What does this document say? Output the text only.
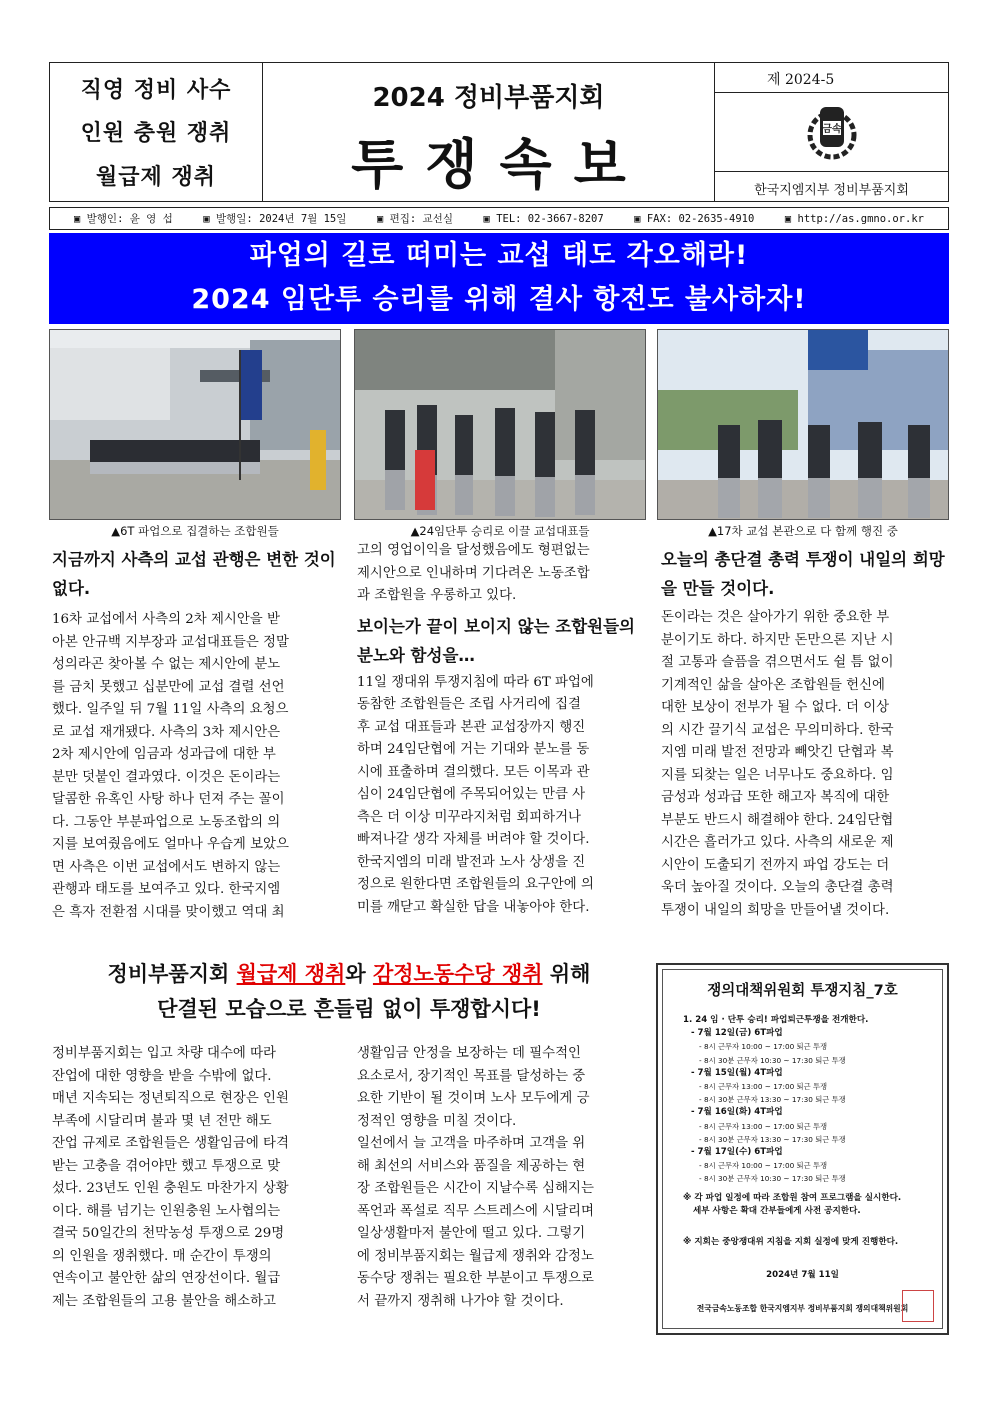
직영 정비 사수
인원 충원 쟁취
월급제 쟁취
2024 정비부품지회
투쟁속보
제 2024-5
금속
한국지엠지부 정비부품지회
▣ 발행인: 윤 영 섭	▣ 발행일: 2024년 7월 15일	▣ 편집: 교선실	▣ TEL: 02-3667-8207	▣ FAX: 02-2635-4910	▣ http://as.gmno.or.kr
파업의 길로 떠미는 교섭 태도 각오해라!
2024 임단투 승리를 위해 결사 항전도 불사하자!
▲6T 파업으로 집결하는 조합원들	▲24임단투 승리로 이끌 교섭대표들	▲17차 교섭 본관으로 다 함께 행진 중
지금까지 사측의 교섭 관행은 변한 것이 없다.
16차 교섭에서 사측의 2차 제시안을 받
아본 안규백 지부장과 교섭대표들은 정말
성의라곤 찾아볼 수 없는 제시안에 분노
를 금치 못했고 십분만에 교섭 결렬 선언
했다. 일주일 뒤 7월 11일 사측의 요청으
로 교섭 재개됐다. 사측의 3차 제시안은
2차 제시안에 임금과 성과급에 대한 부
분만 덧붙인 결과였다. 이것은 돈이라는
달콤한 유혹인 사탕 하나 던져 주는 꼴이
다. 그동안 부분파업으로 노동조합의 의
지를 보여줬음에도 얼마나 우습게 보았으
면 사측은 이번 교섭에서도 변하지 않는
관행과 태도를 보여주고 있다. 한국지엠
은 흑자 전환점 시대를 맞이했고 역대 최
고의 영업이익을 달성했음에도 형편없는
제시안으로 인내하며 기다려온 노동조합
과 조합원을 우롱하고 있다.
보이는가 끝이 보이지 않는 조합원들의 분노와 함성을…
11일 쟁대위 투쟁지침에 따라 6T 파업에
동참한 조합원들은 조립 사거리에 집결
후 교섭 대표들과 본관 교섭장까지 행진
하며 24임단협에 거는 기대와 분노를 동
시에 표출하며 결의했다. 모든 이목과 관
심이 24임단협에 주목되어있는 만큼 사
측은 더 이상 미꾸라지처럼 회피하거나
빠져나갈 생각 자체를 버려야 할 것이다.
한국지엠의 미래 발전과 노사 상생을 진
정으로 원한다면 조합원들의 요구안에 의
미를 깨닫고 확실한 답을 내놓아야 한다.
오늘의 총단결 총력 투쟁이 내일의 희망을 만들 것이다.
돈이라는 것은 살아가기 위한 중요한 부
분이기도 하다. 하지만 돈만으론 지난 시
절 고통과 슬픔을 겪으면서도 쉴 틈 없이
기계적인 삶을 살아온 조합원들 헌신에
대한 보상이 전부가 될 수 없다. 더 이상
의 시간 끌기식 교섭은 무의미하다. 한국
지엠 미래 발전 전망과 빼앗긴 단협과 복
지를 되찾는 일은 너무나도 중요하다. 임
금성과 성과급 또한 해고자 복직에 대한
부분도 반드시 해결해야 한다. 24임단협
시간은 흘러가고 있다. 사측의 새로운 제
시안이 도출되기 전까지 파업 강도는 더
욱더 높아질 것이다. 오늘의 총단결 총력
투쟁이 내일의 희망을 만들어낼 것이다.
정비부품지회 월급제 쟁취와 감정노동수당 쟁취 위해
단결된 모습으로 흔들림 없이 투쟁합시다!
정비부품지회는 입고 차량 대수에 따라
잔업에 대한 영향을 받을 수밖에 없다.
매년 지속되는 정년퇴직으로 현장은 인원
부족에 시달리며 불과 몇 년 전만 해도
잔업 규제로 조합원들은 생활임금에 타격
받는 고충을 겪어야만 했고 투쟁으로 맞
섰다. 23년도 인원 충원도 마찬가지 상황
이다. 해를 넘기는 인원충원 노사협의는
결국 50일간의 천막농성 투쟁으로 29명
의 인원을 쟁취했다. 매 순간이 투쟁의
연속이고 불안한 삶의 연장선이다. 월급
제는 조합원들의 고용 불안을 해소하고
생활임금 안정을 보장하는 데 필수적인
요소로서, 장기적인 목표를 달성하는 중
요한 기반이 될 것이며 노사 모두에게 긍
정적인 영향을 미칠 것이다.
일선에서 늘 고객을 마주하며 고객을 위
해 최선의 서비스와 품질을 제공하는 현
장 조합원들은 시간이 지날수록 심해지는
폭언과 폭설로 직무 스트레스에 시달리며
일상생활마저 불안에 떨고 있다. 그렇기
에 정비부품지회는 월급제 쟁취와 감정노
동수당 쟁취는 필요한 부분이고 투쟁으로
서 끝까지 쟁취해 나가야 할 것이다.
쟁의대책위원회 투쟁지침_7호
1. 24 임 · 단투 승리! 파업퇴근투쟁을 전개한다.
- 7월 12일(금) 6T파업
- 8시 근무자 10:00 ~ 17:00 퇴근 투쟁
- 8시 30분 근무자 10:30 ~ 17:30 퇴근 투쟁
- 7월 15일(월) 4T파업
- 8시 근무자 13:00 ~ 17:00 퇴근 투쟁
- 8시 30분 근무자 13:30 ~ 17:30 퇴근 투쟁
- 7월 16일(화) 4T파업
- 8시 근무자 13:00 ~ 17:00 퇴근 투쟁
- 8시 30분 근무자 13:30 ~ 17:30 퇴근 투쟁
- 7월 17일(수) 6T파업
- 8시 근무자 10:00 ~ 17:00 퇴근 투쟁
- 8시 30분 근무자 10:30 ~ 17:30 퇴근 투쟁
※ 각 파업 일정에 따라 조합원 참여 프로그램을 실시한다.
세부 사항은 확대 간부들에게 사전 공지한다.
※ 지회는 중앙쟁대위 지침을 지회 실정에 맞게 진행한다.
2024년 7월 11일
전국금속노동조합 한국지엠지부 정비부품지회 쟁의대책위원회
